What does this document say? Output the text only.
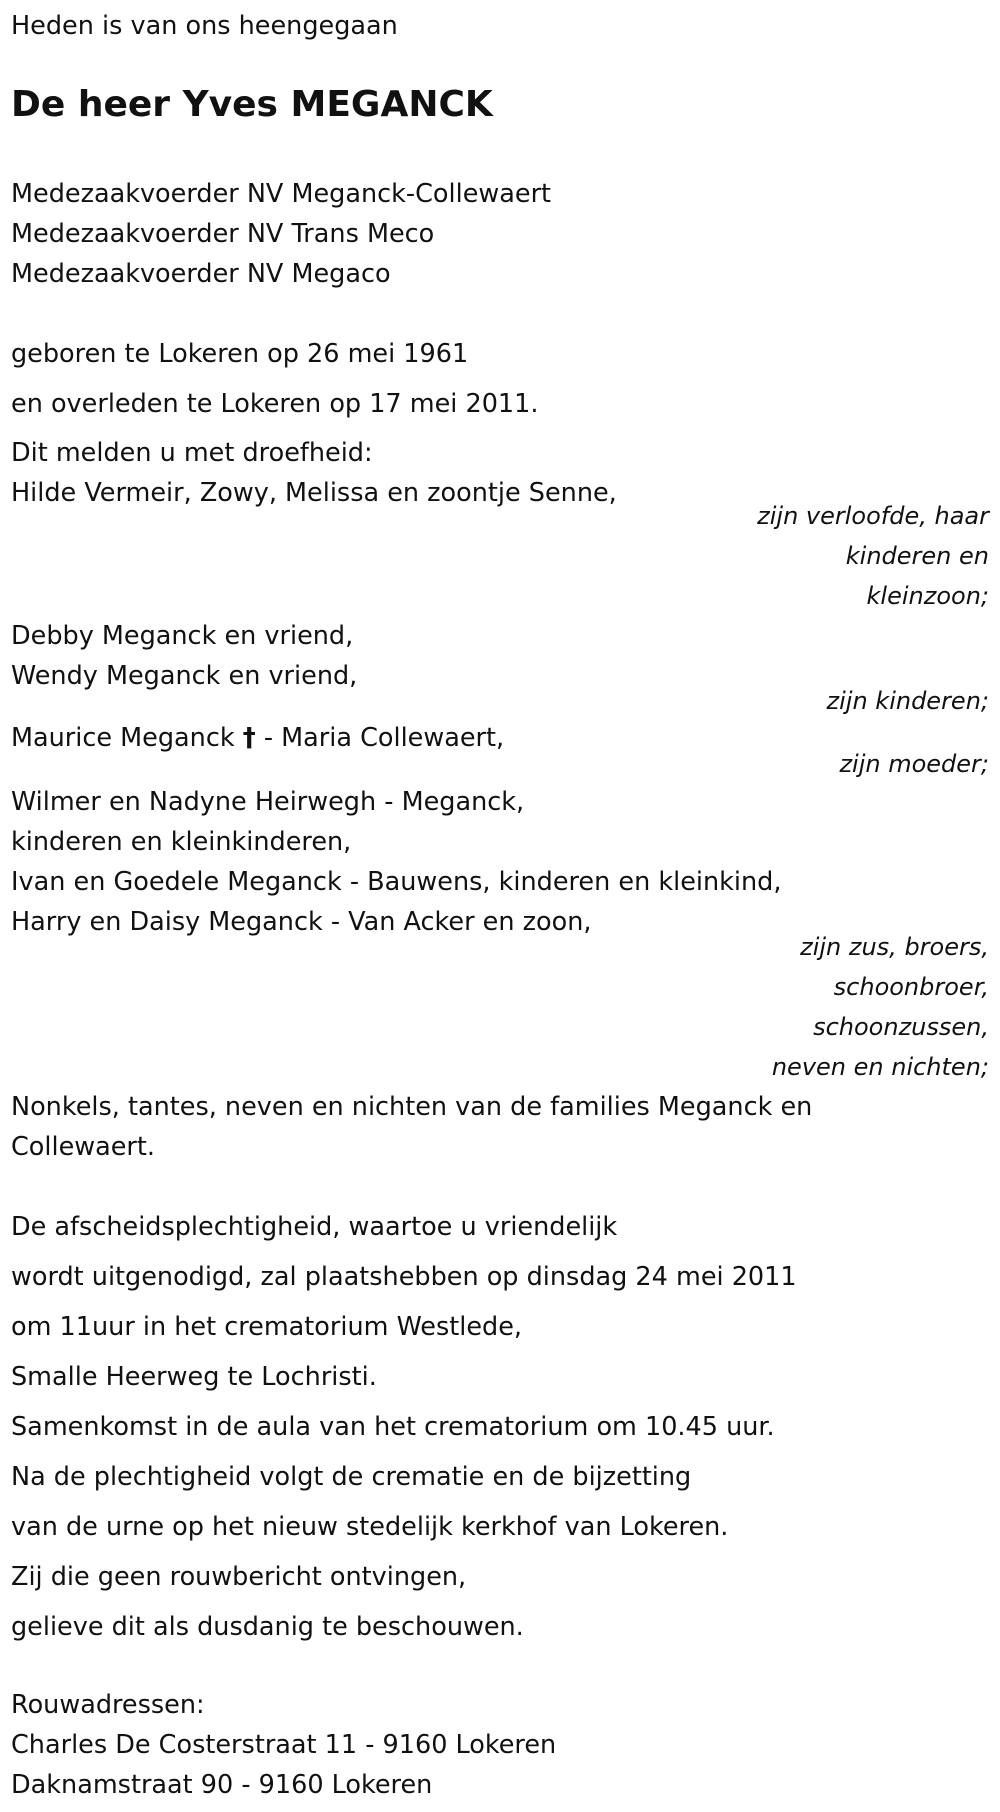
Heden is van ons heengegaan

De heer Yves MEGANCK

Medezaakvoerder NV Meganck-Collewaert

Medezaakvoerder NV Trans Meco

Medezaakvoerder NV Megaco

geboren te Lokeren op 26 mei 1961

en overleden te Lokeren op 17 mei 2011.

Dit melden u met droefheid:

Hilde Vermeir, Zowy, Melissa en zoontje Senne,

zijn verloofde, haar

kinderen en

kleinzoon;

Debby Meganck en vriend,

Wendy Meganck en vriend,

zijn kinderen;

Maurice Meganck † - Maria Collewaert,

zijn moeder;

Wilmer en Nadyne Heirwegh - Meganck,

kinderen en kleinkinderen,

Ivan en Goedele Meganck - Bauwens, kinderen en kleinkind,

Harry en Daisy Meganck - Van Acker en zoon,

zijn zus, broers,

schoonbroer,

schoonzussen,

neven en nichten;

Nonkels, tantes, neven en nichten van de families Meganck en

Collewaert.

De afscheidsplechtigheid, waartoe u vriendelijk

wordt uitgenodigd, zal plaatshebben op dinsdag 24 mei 2011

om 11uur in het crematorium Westlede,

Smalle Heerweg te Lochristi.

Samenkomst in de aula van het crematorium om 10.45 uur.

Na de plechtigheid volgt de crematie en de bijzetting

van de urne op het nieuw stedelijk kerkhof van Lokeren.

Zij die geen rouwbericht ontvingen,

gelieve dit als dusdanig te beschouwen.

Rouwadressen:

Charles De Costerstraat 11 - 9160 Lokeren

Daknamstraat 90 - 9160 Lokeren
